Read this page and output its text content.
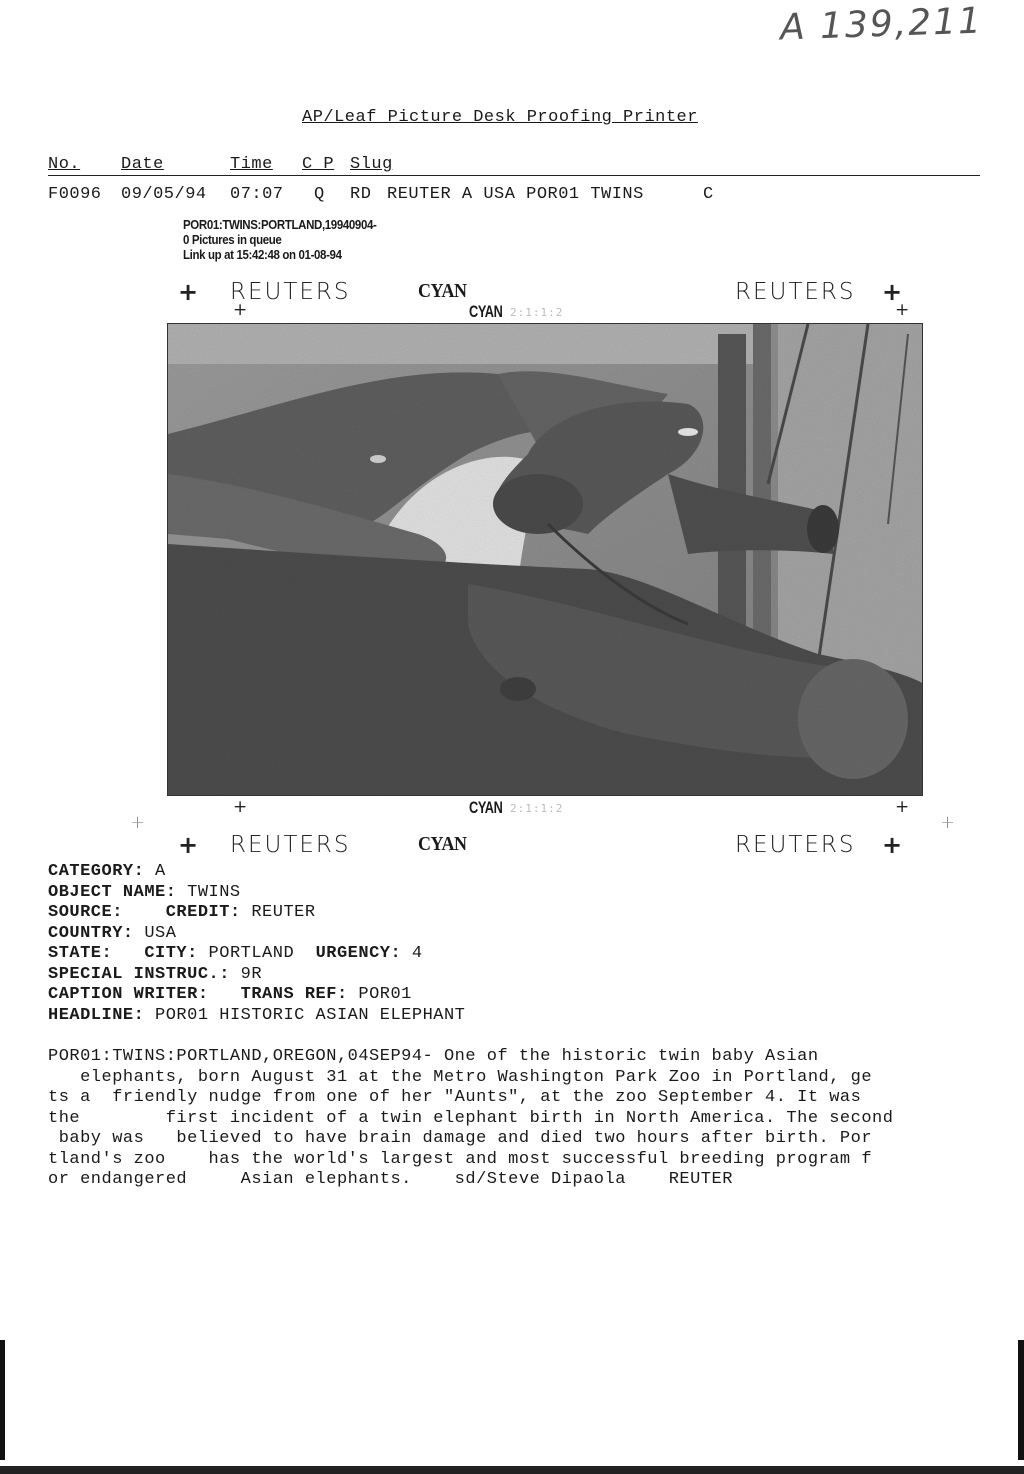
A 139,211
AP/Leaf Picture Desk Proofing Printer
No. Date	Time C P Slug
F0096 09/05/94 07:07 Q RD REUTER A USA POR01 TWINS	C
POR01:TWINS:PORTLAND,19940904-
0 Pictures in queue
Link up at 15:42:48 on 01-08-94
+ REUTERS	CYAN	REUTERS +
+	CYAN 2:1:1:2	+
+	CYAN 2:1:1:2	+
+	+
+ REUTERS	CYAN	REUTERS +
CATEGORY: A
OBJECT NAME: TWINS
SOURCE:	CREDIT: REUTER
COUNTRY: USA
STATE: CITY: PORTLAND URGENCY: 4
SPECIAL INSTRUC.: 9R
CAPTION WRITER: TRANS REF: POR01
HEADLINE: POR01 HISTORIC ASIAN ELEPHANT
POR01:TWINS:PORTLAND,OREGON,04SEP94- One of the historic twin baby Asian
elephants, born August 31 at the Metro Washington Park Zoo in Portland, ge
ts a  friendly nudge from one of her "Aunts", at the zoo September 4. It was
the        first incident of a twin elephant birth in North America. The second
baby was   believed to have brain damage and died two hours after birth. Por
tland's zoo    has the world's largest and most successful breeding program f
or endangered     Asian elephants.    sd/Steve Dipaola    REUTER
